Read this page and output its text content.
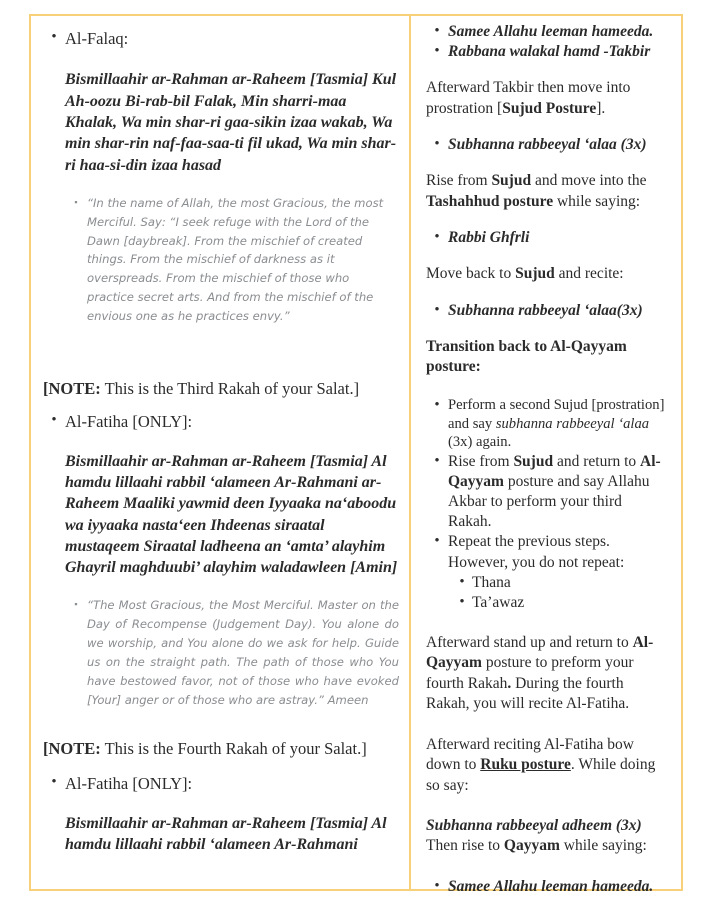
• Al-Falaq:

Bismillaahir ar-Rahman ar-Raheem [Tasmia] Kul Ah-oozu Bi-rab-bil Falak, Min sharri-maa Khalak, Wa min shar-ri gaa-sikin izaa wakab, Wa min shar-rin naf-faa-saa-ti fil ukad, Wa min shar-ri haa-si-din izaa hasad

▪ “In the name of Allah, the most Gracious, the most Merciful. Say: “I seek refuge with the Lord of the Dawn [daybreak]. From the mischief of created things. From the mischief of darkness as it overspreads. From the mischief of those who practice secret arts. And from the mischief of the envious one as he practices envy.”

[NOTE: This is the Third Rakah of your Salat.]

• Al-Fatiha [ONLY]:

Bismillaahir ar-Rahman ar-Raheem [Tasmia] Al hamdu lillaahi rabbil ‘alameen Ar-Rahmani ar-Raheem Maaliki yawmid deen Iyyaaka na‘aboodu wa iyyaaka nasta‘een Ihdeenas siraatal mustaqeem Siraatal ladheena an ‘amta’ alayhim Ghayril maghduubi’ alayhim waladawleen [Amin]

▪ “The Most Gracious, the Most Merciful. Master on the Day of Recompense (Judgement Day). You alone do we worship, and You alone do we ask for help. Guide us on the straight path. The path of those who You have bestowed favor, not of those who have evoked [Your] anger or of those who are astray.” Ameen

[NOTE: This is the Fourth Rakah of your Salat.]

• Al-Fatiha [ONLY]:

Bismillaahir ar-Rahman ar-Raheem [Tasmia] Al hamdu lillaahi rabbil ‘alameen Ar-Rahmani

• Samee Allahu leeman hameeda.
• Rabbana walakal hamd -Takbir

Afterward Takbir then move into prostration [Sujud Posture].

• Subhanna rabbeeyal ‘alaa (3x)

Rise from Sujud and move into the Tashahhud posture while saying:

• Rabbi Ghfrli

Move back to Sujud and recite:

• Subhanna rabbeeyal ‘alaa(3x)

Transition back to Al-Qayyam posture:

• Perform a second Sujud [prostration] and say subhanna rabbeeyal ‘alaa (3x) again.
• Rise from Sujud and return to Al-Qayyam posture and say Allahu Akbar to perform your third Rakah.
• Repeat the previous steps. However, you do not repeat:
• Thana
• Ta’awaz

Afterward stand up and return to Al-Qayyam posture to preform your fourth Rakah. During the fourth Rakah, you will recite Al-Fatiha.

Afterward reciting Al-Fatiha bow down to Ruku posture. While doing so say:

Subhanna rabbeeyal adheem (3x)

Then rise to Qayyam while saying:

• Samee Allahu leeman hameeda.
